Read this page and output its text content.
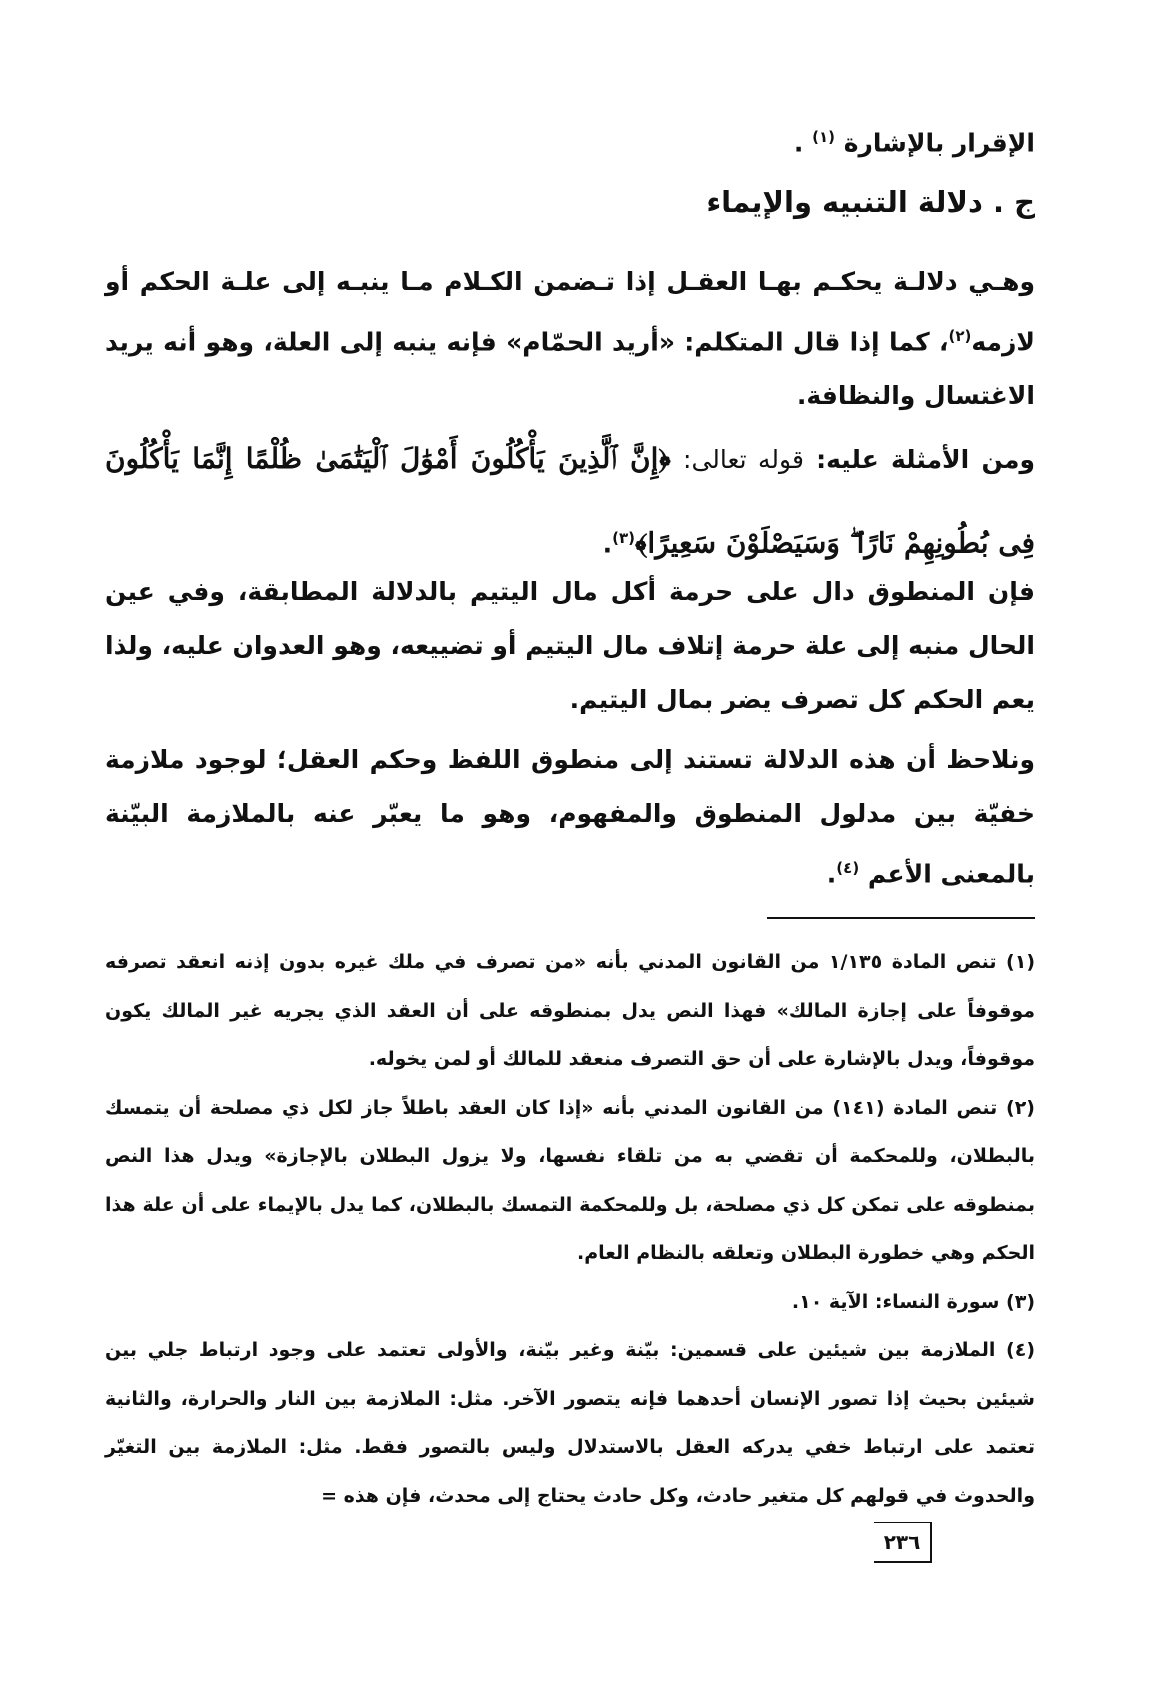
الإقرار بالإشارة $^{(١)}$ .
ج . دلالة التنبيه والإيماء
وهـي دلالـة يحكـم بهـا العقـل إذا تـضمن الكـلام مـا ينبـه إلى علـة الحكم أو لازمه$^{(٢)}$، كما إذا قال المتكلم: «أريد الحمّام» فإنه ينبه إلى العلة، وهو أنه يريد الاغتسال والنظافة.
ومن الأمثلة عليه: قوله تعالى: ﴿إِنَّ ٱلَّذِينَ يَأْكُلُونَ أَمْوَٰلَ ٱلْيَتَٰمَىٰ ظُلْمًا إِنَّمَا يَأْكُلُونَ فِى بُطُونِهِمْ نَارًا ۖ وَسَيَصْلَوْنَ سَعِيرًا﴾$^{(٣)}$.
فإن المنطوق دال على حرمة أكل مال اليتيم بالدلالة المطابقة، وفي عين الحال منبه إلى علة حرمة إتلاف مال اليتيم أو تضييعه، وهو العدوان عليه، ولذا يعم الحكم كل تصرف يضر بمال اليتيم.
ونلاحظ أن هذه الدلالة تستند إلى منطوق اللفظ وحكم العقل؛ لوجود ملازمة خفيّة بين مدلول المنطوق والمفهوم، وهو ما يعبّر عنه بالملازمة البيّنة بالمعنى الأعم $^{(٤)}$.

(١) تنص المادة ١/١٣٥ من القانون المدني بأنه «من تصرف في ملك غيره بدون إذنه انعقد تصرفه موقوفاً على إجازة المالك» فهذا النص يدل بمنطوقه على أن العقد الذي يجريه غير المالك يكون موقوفاً، ويدل بالإشارة على أن حق التصرف منعقد للمالك أو لمن يخوله.

(٢) تنص المادة (١٤١) من القانون المدني بأنه «إذا كان العقد باطلاً جاز لكل ذي مصلحة أن يتمسك بالبطلان، وللمحكمة أن تقضي به من تلقاء نفسها، ولا يزول البطلان بالإجازة» ويدل هذا النص بمنطوقه على تمكن كل ذي مصلحة، بل وللمحكمة التمسك بالبطلان، كما يدل بالإيماء على أن علة هذا الحكم وهي خطورة البطلان وتعلقه بالنظام العام.

(٣) سورة النساء: الآية ١٠.

(٤) الملازمة بين شيئين على قسمين: بيّنة وغير بيّنة، والأولى تعتمد على وجود ارتباط جلي بين شيئين بحيث إذا تصور الإنسان أحدهما فإنه يتصور الآخر. مثل: الملازمة بين النار والحرارة، والثانية تعتمد على ارتباط خفي يدركه العقل بالاستدلال وليس بالتصور فقط. مثل: الملازمة بين التغيّر والحدوث في قولهم كل متغير حادث، وكل حادث يحتاج إلى محدث، فإن هذه =

٢٣٦
